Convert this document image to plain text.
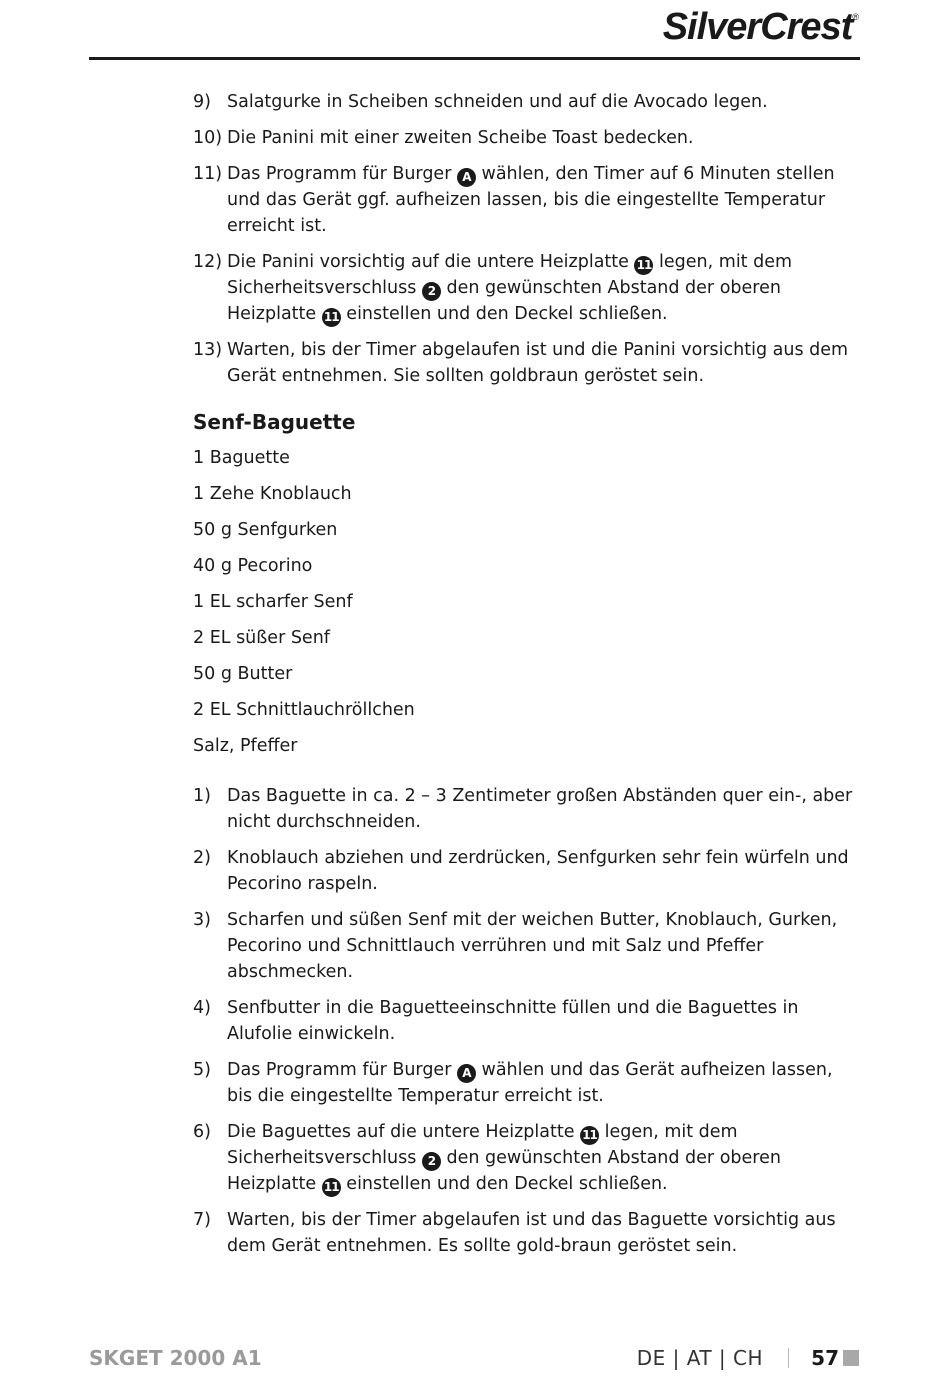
SilverCrest®
9) Salatgurke in Scheiben schneiden und auf die Avocado legen.
10) Die Panini mit einer zweiten Scheibe Toast bedecken.
11) Das Programm für Burger A wählen, den Timer auf 6 Minuten stellen und das Gerät ggf. aufheizen lassen, bis die eingestellte Temperatur erreicht ist.
12) Die Panini vorsichtig auf die untere Heizplatte 11 legen, mit dem Sicherheitsverschluss 2 den gewünschten Abstand der oberen Heizplatte 11 einstellen und den Deckel schließen.
13) Warten, bis der Timer abgelaufen ist und die Panini vorsichtig aus dem Gerät entnehmen. Sie sollten goldbraun geröstet sein.
Senf-Baguette
1 Baguette
1 Zehe Knoblauch
50 g Senfgurken
40 g Pecorino
1 EL scharfer Senf
2 EL süßer Senf
50 g Butter
2 EL Schnittlauchröllchen
Salz, Pfeffer
1) Das Baguette in ca. 2 – 3 Zentimeter großen Abständen quer ein-, aber nicht durchschneiden.
2) Knoblauch abziehen und zerdrücken, Senfgurken sehr fein würfeln und Pecorino raspeln.
3) Scharfen und süßen Senf mit der weichen Butter, Knoblauch, Gurken, Pecorino und Schnittlauch verrühren und mit Salz und Pfeffer abschmecken.
4) Senfbutter in die Baguetteeinschnitte füllen und die Baguettes in Alufolie einwickeln.
5) Das Programm für Burger A wählen und das Gerät aufheizen lassen, bis die eingestellte Temperatur erreicht ist.
6) Die Baguettes auf die untere Heizplatte 11 legen, mit dem Sicherheitsverschluss 2 den gewünschten Abstand der oberen Heizplatte 11 einstellen und den Deckel schließen.
7) Warten, bis der Timer abgelaufen ist und das Baguette vorsichtig aus dem Gerät entnehmen. Es sollte gold-braun geröstet sein.
SKGET 2000 A1	DE | AT | CH 57
